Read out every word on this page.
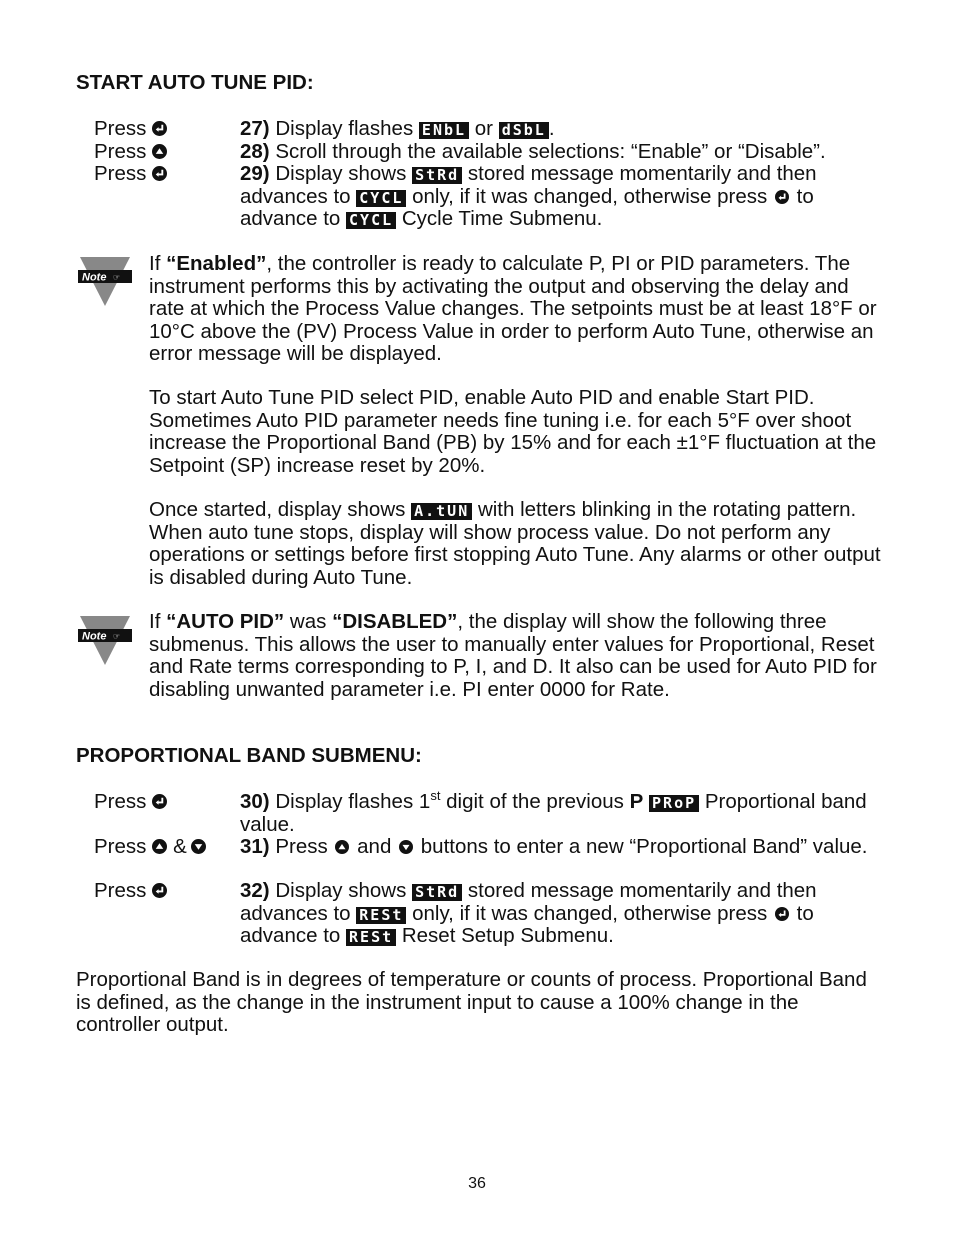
START AUTO TUNE PID:
Press	27) Display flashes ENbL or dSbL .
Press	28) Scroll through the available selections: “Enable” or “Disable”.
Press	29) Display shows StRd stored message momentarily and then advances to CYCL only, if it was changed, otherwise press to advance to CYCL Cycle Time Submenu.
Note ☞

If “Enabled”, the controller is ready to calculate P, PI or PID parameters. The instrument performs this by activating the output and observing the delay and rate at which the Process Value changes. The setpoints must be at least 18°F or 10°C above the (PV) Process Value in order to perform Auto Tune, otherwise an error message will be displayed.

To start Auto Tune PID select PID, enable Auto PID and enable Start PID. Sometimes Auto PID parameter needs fine tuning i.e. for each 5°F over shoot increase the Proportional Band (PB) by 15% and for each ±1°F fluctuation at the Setpoint (SP) increase reset by 20%.

Once started, display shows A.tUN with letters blinking in the rotating pattern. When auto tune stops, display will show process value. Do not perform any operations or settings before first stopping Auto Tune. Any alarms or other output is disabled during Auto Tune.

Note ☞

If “AUTO PID” was “DISABLED”, the display will show the following three submenus. This allows the user to manually enter values for Proportional, Reset and Rate terms corresponding to P, I, and D. It also can be used for Auto PID for disabling unwanted parameter i.e. PI enter 0000 for Rate.

PROPORTIONAL BAND SUBMENU:
Press	30) Display flashes 1st digit of the previous P PRoP Proportional band value.
Press &	31) Press and buttons to enter a new “Proportional Band” value.
Press	32) Display shows StRd stored message momentarily and then advances to RESt only, if it was changed, otherwise press to advance to RESt Reset Setup Submenu.
Proportional Band is in degrees of temperature or counts of process. Proportional Band is defined, as the change in the instrument input to cause a 100% change in the controller output.
36
